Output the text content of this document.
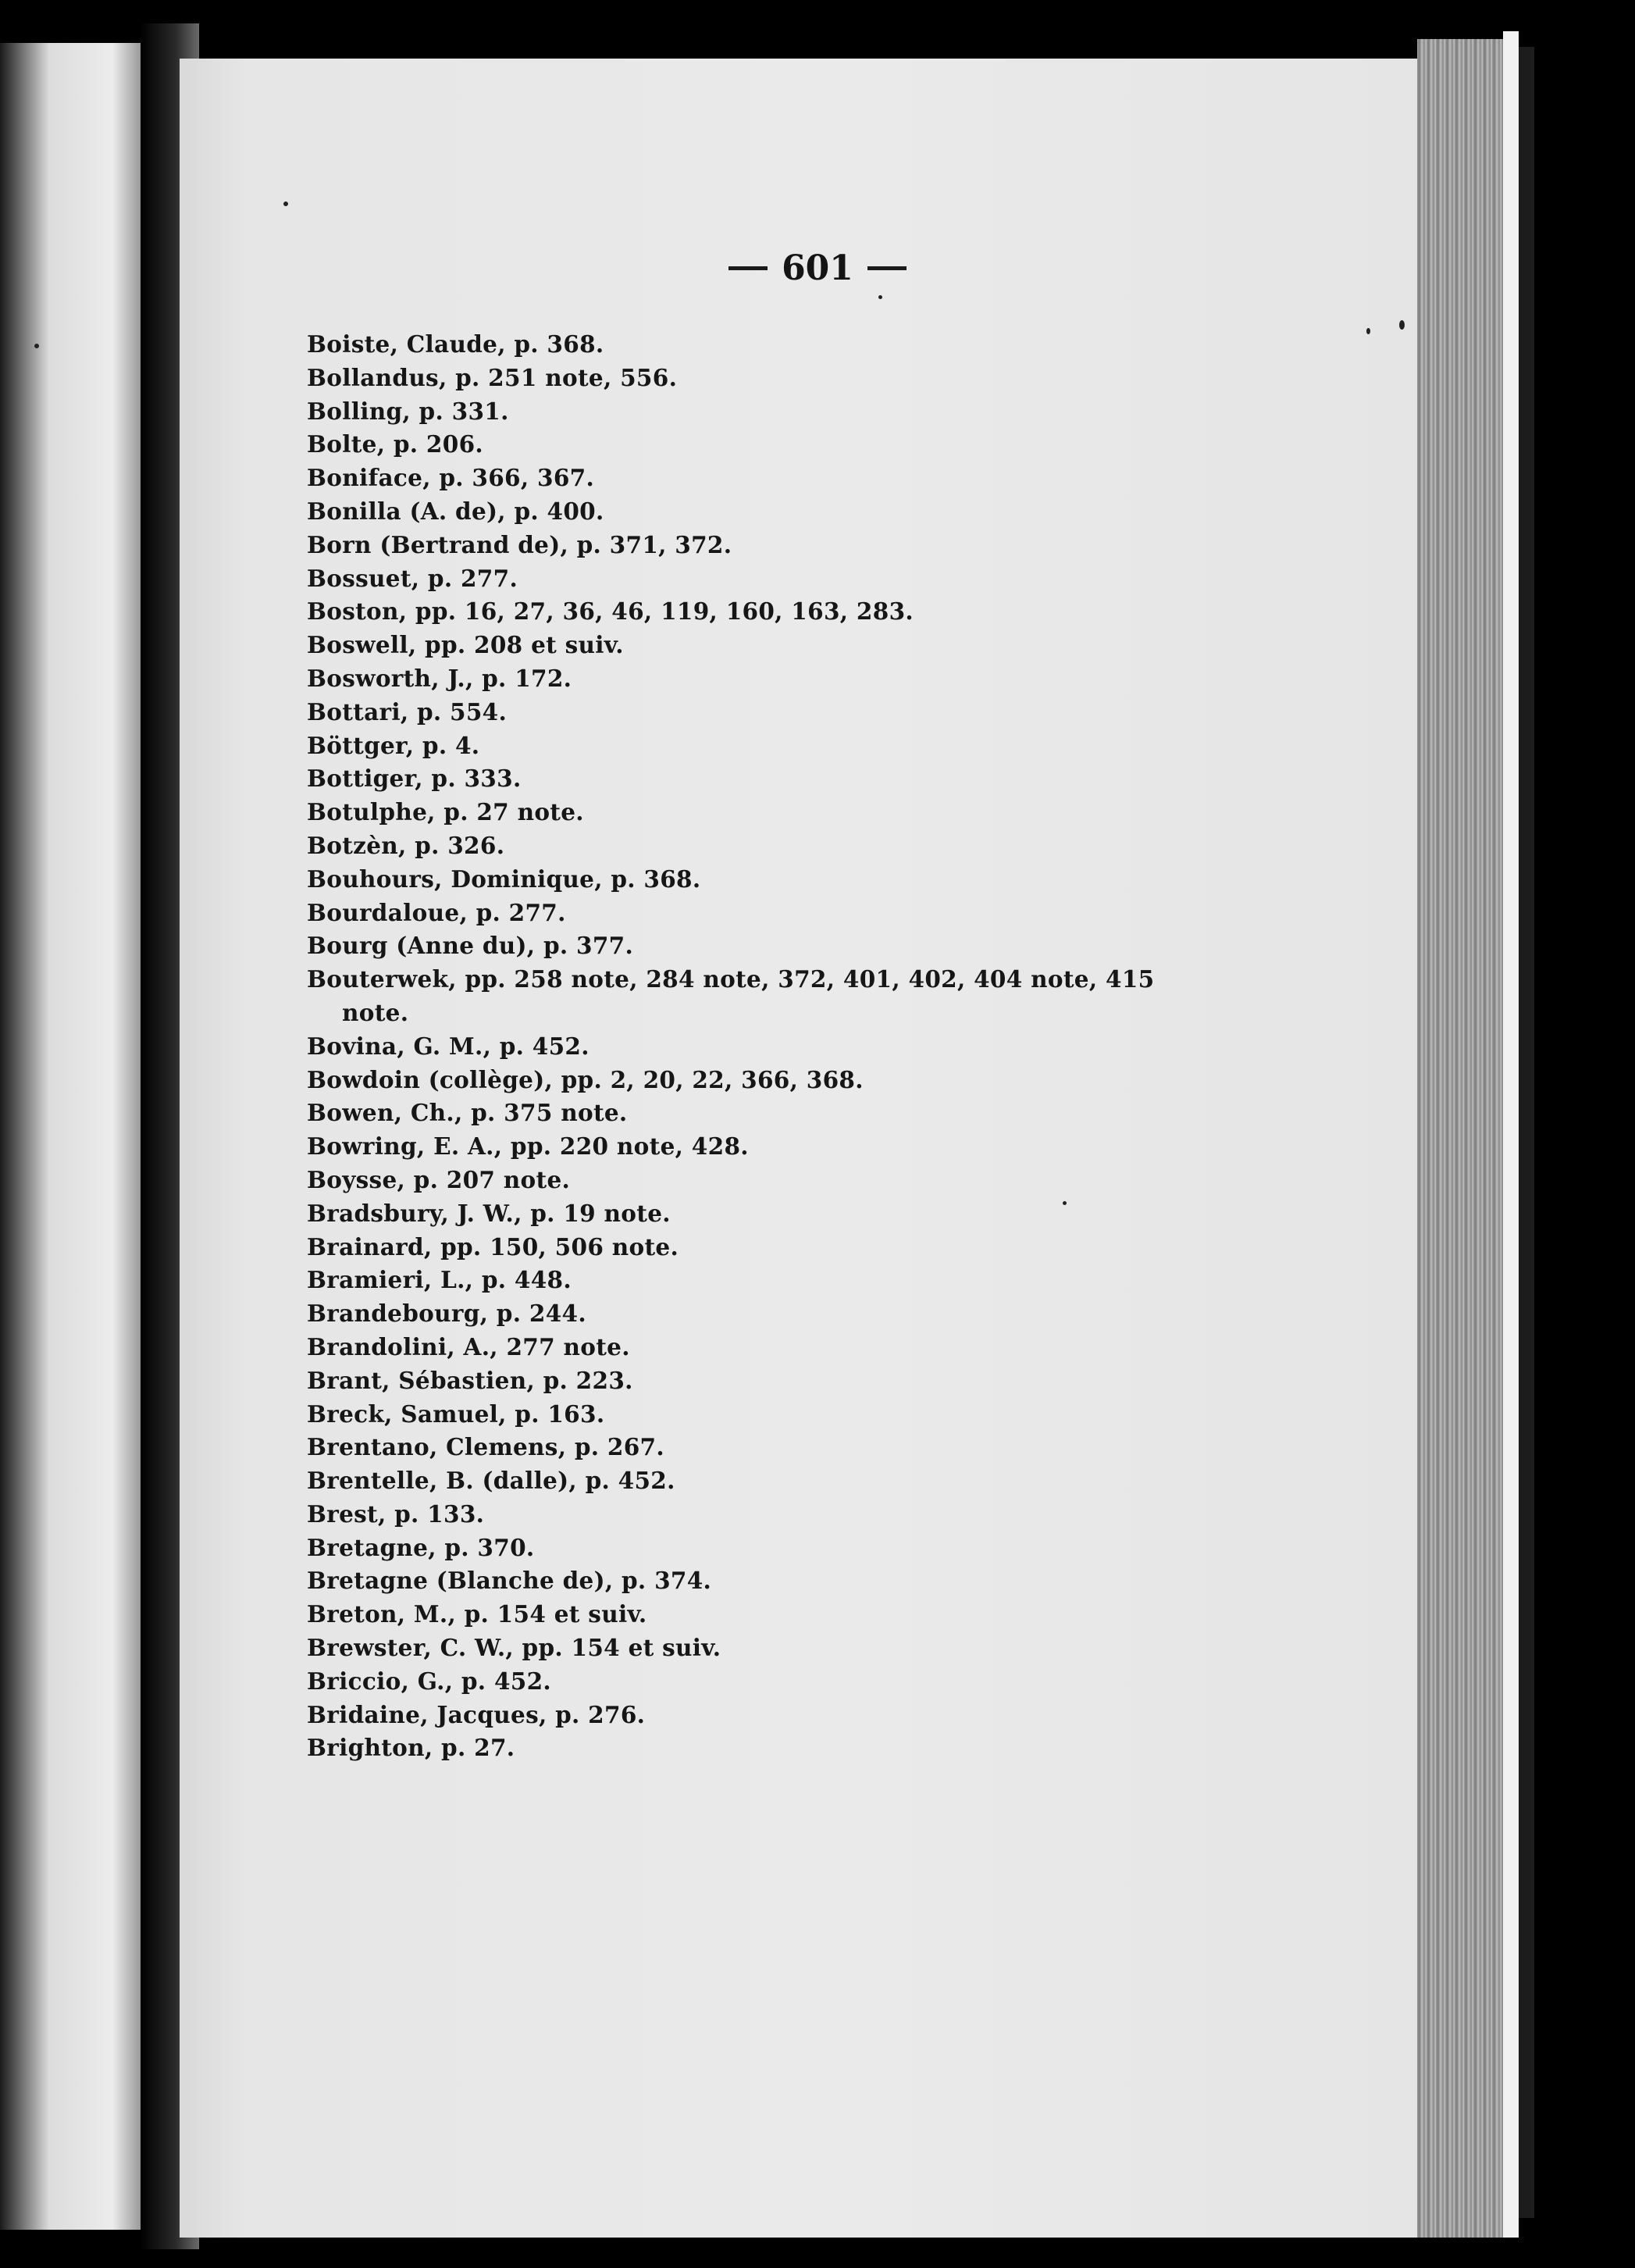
601
Boiste, Claude, p. 368.
Bollandus, p. 251 note, 556.
Bolling, p. 331.
Bolte, p. 206.
Boniface, p. 366, 367.
Bonilla (A. de), p. 400.
Born (Bertrand de), p. 371, 372.
Bossuet, p. 277.
Boston, pp. 16, 27, 36, 46, 119, 160, 163, 283.
Boswell, pp. 208 et suiv.
Bosworth, J., p. 172.
Bottari, p. 554.
Böttger, p. 4.
Bottiger, p. 333.
Botulphe, p. 27 note.
Botzèn, p. 326.
Bouhours, Dominique, p. 368.
Bourdaloue, p. 277.
Bourg (Anne du), p. 377.
Bouterwek, pp. 258 note, 284 note, 372, 401, 402, 404 note, 415
note.
Bovina, G. M., p. 452.
Bowdoin (collège), pp. 2, 20, 22, 366, 368.
Bowen, Ch., p. 375 note.
Bowring, E. A., pp. 220 note, 428.
Boysse, p. 207 note.
Bradsbury, J. W., p. 19 note.
Brainard, pp. 150, 506 note.
Bramieri, L., p. 448.
Brandebourg, p. 244.
Brandolini, A., 277 note.
Brant, Sébastien, p. 223.
Breck, Samuel, p. 163.
Brentano, Clemens, p. 267.
Brentelle, B. (dalle), p. 452.
Brest, p. 133.
Bretagne, p. 370.
Bretagne (Blanche de), p. 374.
Breton, M., p. 154 et suiv.
Brewster, C. W., pp. 154 et suiv.
Briccio, G., p. 452.
Bridaine, Jacques, p. 276.
Brighton, p. 27.
